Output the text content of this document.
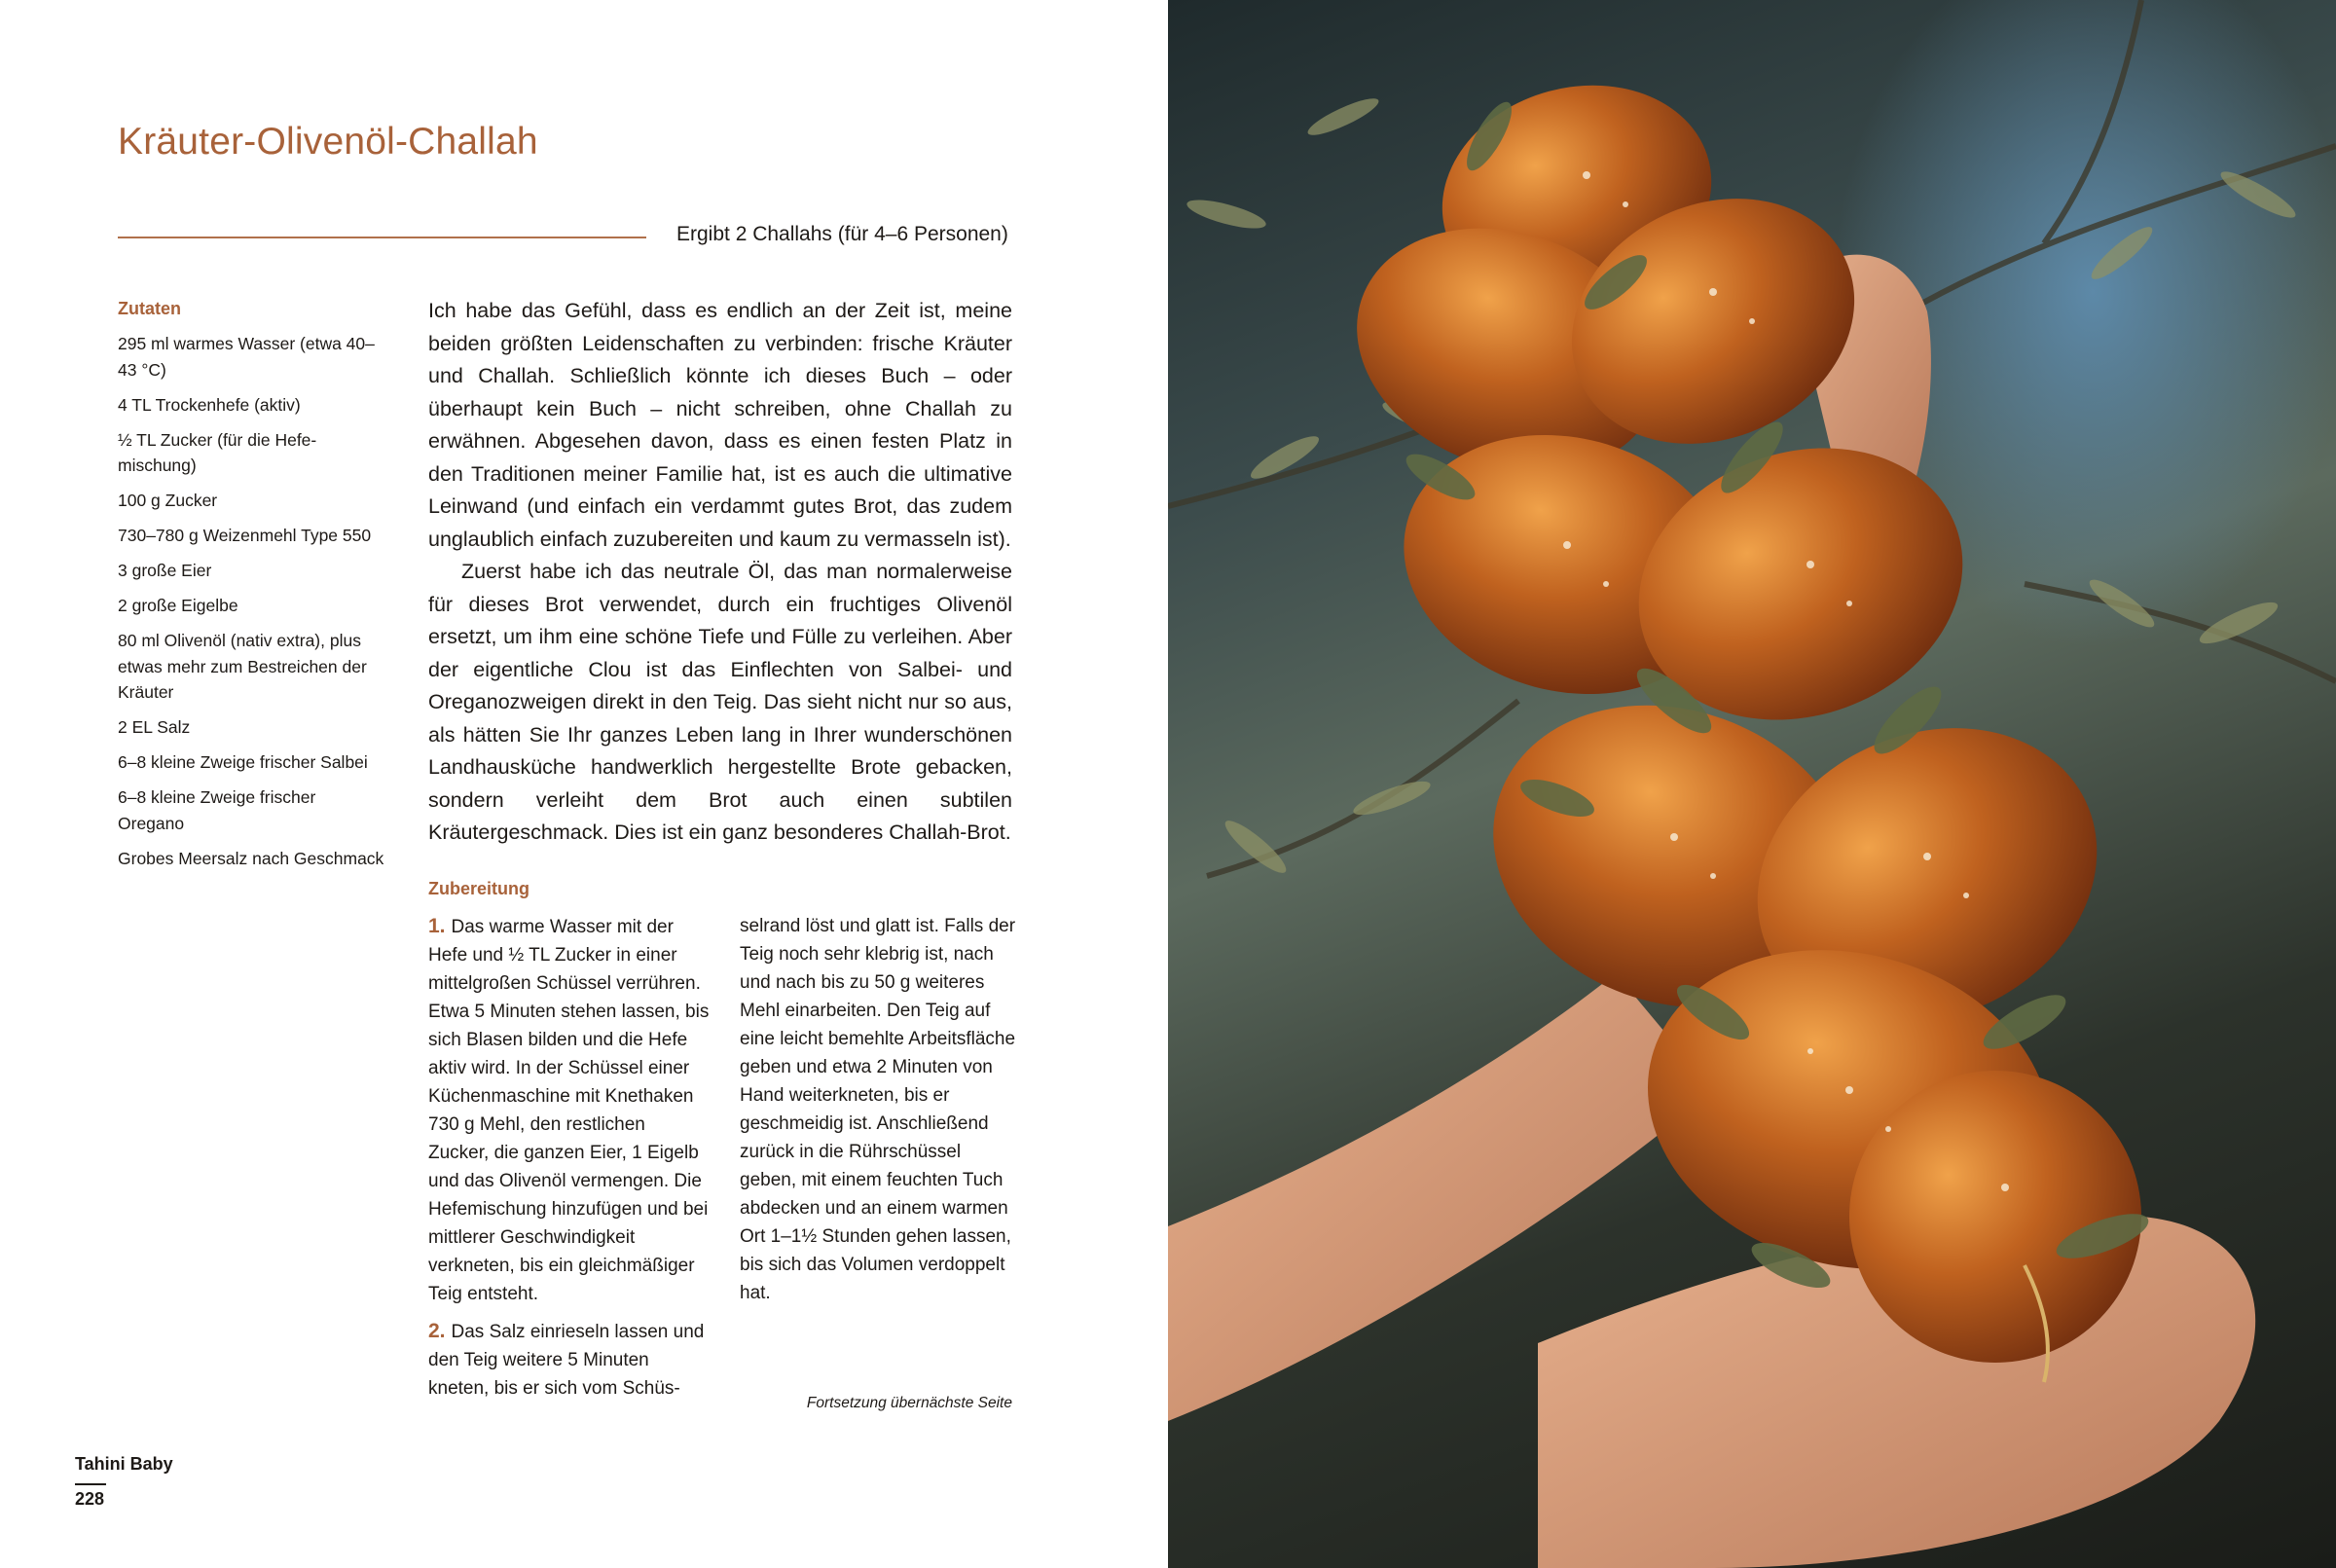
Kräuter-Olivenöl-Challah
Ergibt 2 Challahs (für 4–6 Personen)
Zutaten
295 ml warmes Wasser (etwa 40–43 °C)
4 TL Trockenhefe (aktiv)
½ TL Zucker (für die Hefemischung)
100 g Zucker
730–780 g Weizenmehl Type 550
3 große Eier
2 große Eigelbe
80 ml Olivenöl (nativ extra), plus etwas mehr zum Bestreichen der Kräuter
2 EL Salz
6–8 kleine Zweige frischer Salbei
6–8 kleine Zweige frischer Oregano
Grobes Meersalz nach Geschmack

Ich habe das Gefühl, dass es endlich an der Zeit ist, meine beiden größten Leidenschaften zu verbinden: frische Kräuter und Challah. Schließlich könnte ich dieses Buch – oder überhaupt kein Buch – nicht schreiben, ohne Challah zu erwähnen. Abgesehen davon, dass es einen festen Platz in den Traditionen meiner Familie hat, ist es auch die ultimative Leinwand (und einfach ein verdammt gutes Brot, das zudem unglaublich einfach zuzubereiten und kaum zu vermasseln ist).

Zuerst habe ich das neutrale Öl, das man normalerweise für dieses Brot verwendet, durch ein fruchtiges Olivenöl ersetzt, um ihm eine schöne Tiefe und Fülle zu verleihen. Aber der eigentliche Clou ist das Einflechten von Salbei- und Oreganozweigen direkt in den Teig. Das sieht nicht nur so aus, als hätten Sie Ihr ganzes Leben lang in Ihrer wunderschönen Landhausküche handwerklich hergestellte Brote gebacken, sondern verleiht dem Brot auch einen subtilen Kräutergeschmack. Dies ist ein ganz besonderes Challah-Brot.

Zubereitung

1. Das warme Wasser mit der Hefe und ½ TL Zucker in einer mittelgroßen Schüssel verrühren. Etwa 5 Minuten stehen lassen, bis sich Blasen bilden und die Hefe aktiv wird. In der Schüssel einer Küchenmaschine mit Knethaken 730 g Mehl, den restlichen Zucker, die ganzen Eier, 1 Eigelb und das Olivenöl vermengen. Die Hefemischung hinzufügen und bei mittlerer Geschwindigkeit verkneten, bis ein gleichmäßiger Teig entsteht.

2. Das Salz einrieseln lassen und den Teig weitere 5 Minuten kneten, bis er sich vom Schüs-

selrand löst und glatt ist. Falls der Teig noch sehr klebrig ist, nach und nach bis zu 50 g weiteres Mehl einarbeiten. Den Teig auf eine leicht bemehlte Arbeitsfläche geben und etwa 2 Minuten von Hand weiterkneten, bis er geschmeidig ist. Anschließend zurück in die Rührschüssel geben, mit einem feuchten Tuch abdecken und an einem warmen Ort 1–1½ Stunden gehen lassen, bis sich das Volumen verdoppelt hat.

Fortsetzung übernächste Seite
Tahini Baby
228
